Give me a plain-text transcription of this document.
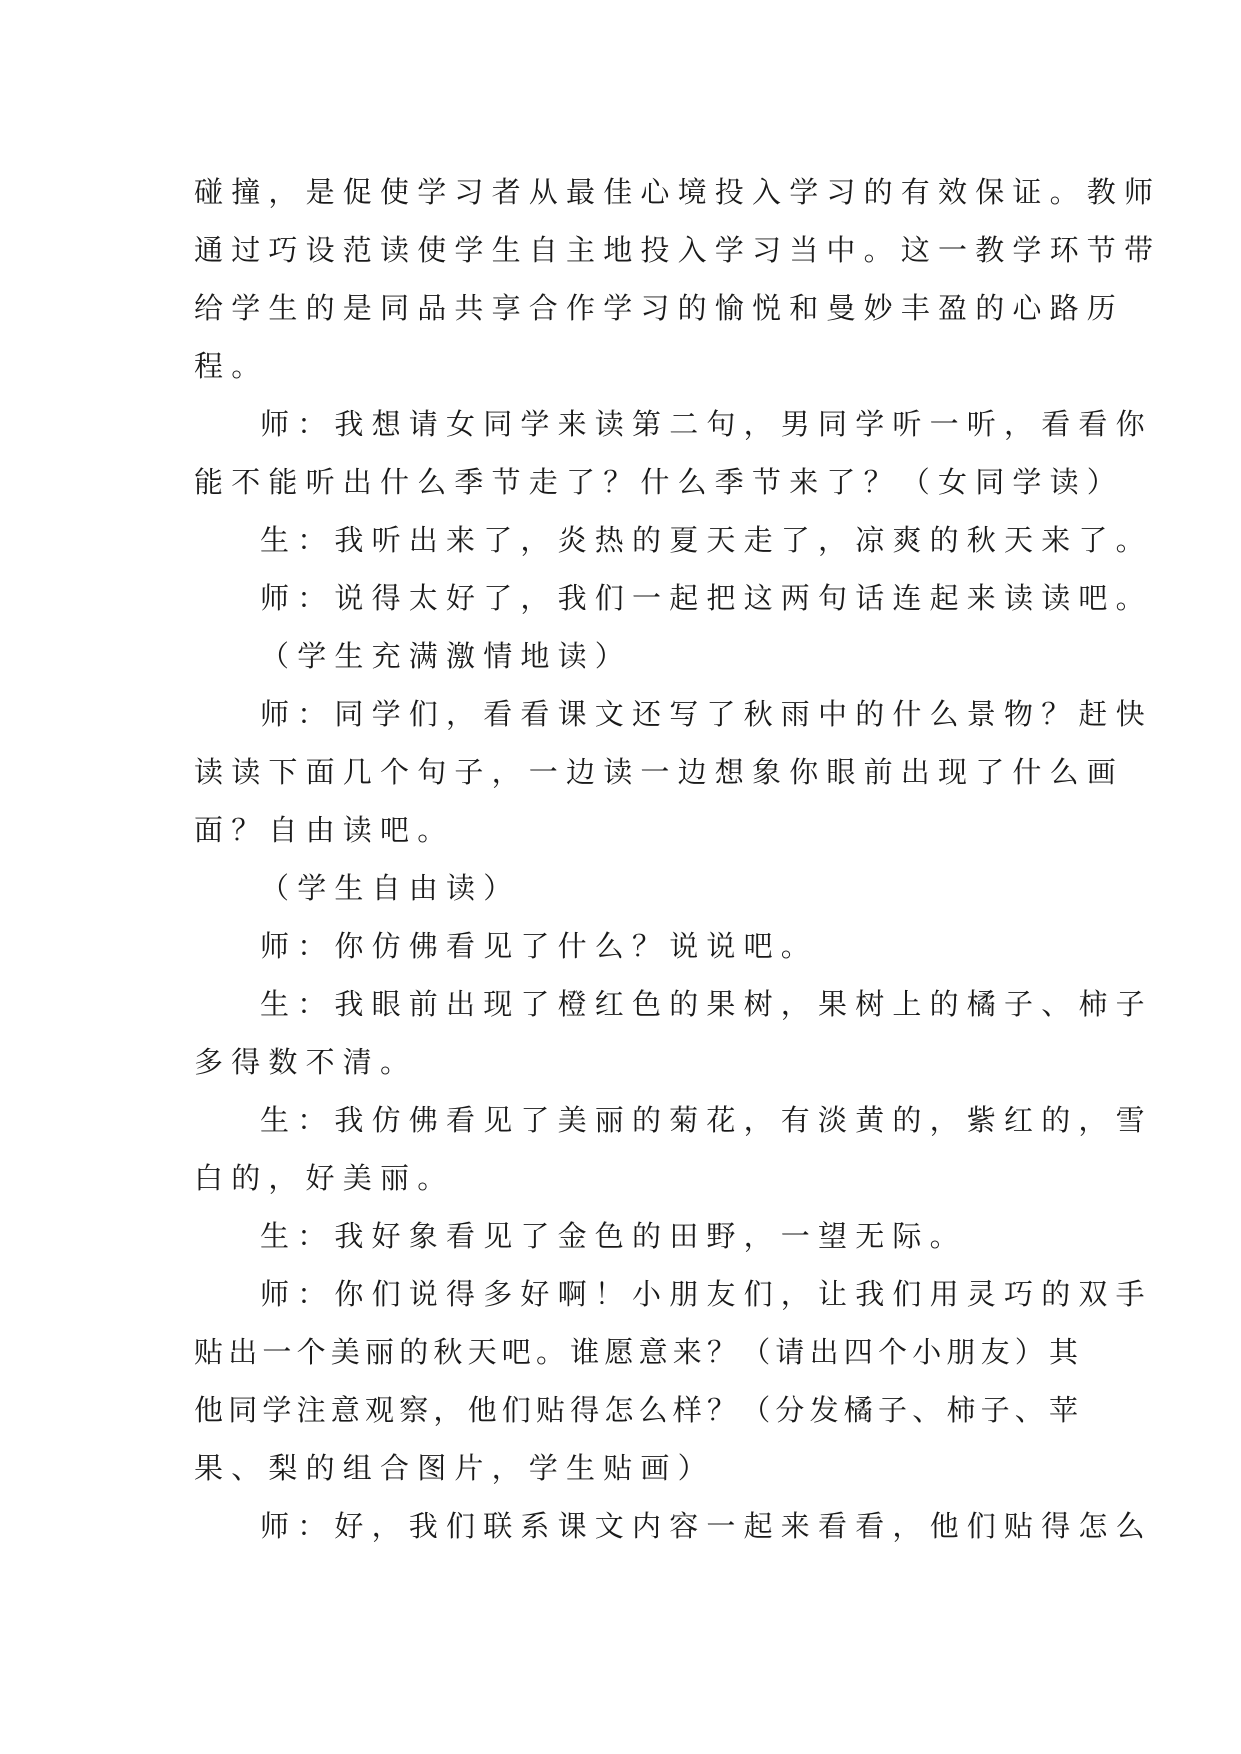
碰撞，是促使学习者从最佳心境投入学习的有效保证。教师
通过巧设范读使学生自主地投入学习当中。这一教学环节带
给学生的是同品共享合作学习的愉悦和曼妙丰盈的心路历
程。
师：我想请女同学来读第二句，男同学听一听，看看你
能不能听出什么季节走了？什么季节来了？（女同学读）
生：我听出来了，炎热的夏天走了，凉爽的秋天来了。
师：说得太好了，我们一起把这两句话连起来读读吧。
（学生充满激情地读）
师：同学们，看看课文还写了秋雨中的什么景物？赶快
读读下面几个句子，一边读一边想象你眼前出现了什么画
面？自由读吧。
（学生自由读）
师：你仿佛看见了什么？说说吧。
生：我眼前出现了橙红色的果树，果树上的橘子、柿子
多得数不清。
生：我仿佛看见了美丽的菊花，有淡黄的，紫红的，雪
白的，好美丽。
生：我好象看见了金色的田野，一望无际。
师：你们说得多好啊！小朋友们，让我们用灵巧的双手
贴出一个美丽的秋天吧。谁愿意来？（请出四个小朋友）其
他同学注意观察，他们贴得怎么样？（分发橘子、柿子、苹
果、梨的组合图片，学生贴画）
师：好，我们联系课文内容一起来看看，他们贴得怎么
